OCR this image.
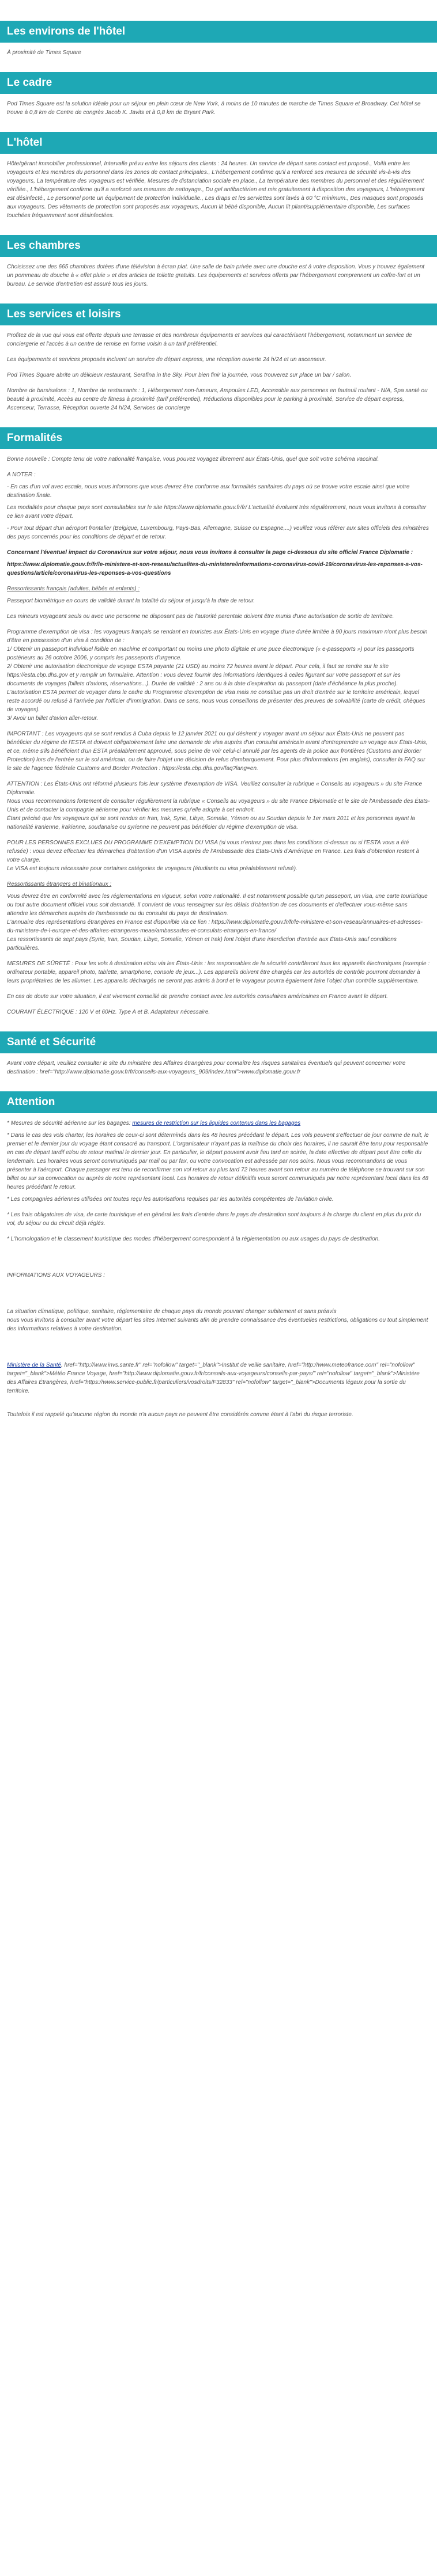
Les environs de l'hôtel

À proximité de Times Square

Le cadre

Pod Times Square est la solution idéale pour un séjour en plein cœur de New York, à moins de 10 minutes de marche de Times Square et Broadway. Cet hôtel se trouve à 0,8 km de Centre de congrès Jacob K. Javits et à 0,8 km de Bryant Park.

L'hôtel

Hôte/gérant immobilier professionnel, Intervalle prévu entre les séjours des clients : 24 heures. Un service de départ sans contact est proposé., Voilà entre les voyageurs et les membres du personnel dans les zones de contact principales., L'hébergement confirme qu'il a renforcé ses mesures de sécurité vis-à-vis des voyageurs, La température des voyageurs est vérifiée, Mesures de distanciation sociale en place., La température des membres du personnel et des réguliérement vérifiée., L'hébergement confirme qu'il a renforcé ses mesures de nettoyage., Du gel antibactérien est mis gratuitement à disposition des voyageurs, L'hébergement est désinfecté., Le personnel porte un équipement de protection individuelle., Les draps et les serviettes sont lavés à 60 °C minimum., Des masques sont proposés aux voyageurs. Des vêtements de protection sont proposés aux voyageurs, Aucun lit bébé disponible, Aucun lit pliant/supplémentaire disponible, Les surfaces touchées fréquemment sont désinfectées.

Les chambres

Choisissez une des 665 chambres dotées d'une télévision à écran plat. Une salle de bain privée avec une douche est à votre disposition. Vous y trouvez également un pommeau de douche à « effet pluie » et des articles de toilette gratuits. Les équipements et services offerts par l'hébergement comprennent un coffre-fort et un bureau. Le service d'entretien est assuré tous les jours.

Les services et loisirs

Profitez de la vue qui vous est offerte depuis une terrasse et des nombreux équipements et services qui caractérisent l'hébergement, notamment un service de conciergerie et l'accès à un centre de remise en forme voisin à un tarif préférentiel.

Les équipements et services proposés incluent un service de départ express, une réception ouverte 24 h/24 et un ascenseur.

Pod Times Square abrite un délicieux restaurant, Serafina in the Sky. Pour bien finir la journée, vous trouverez sur place un bar / salon.

Nombre de bars/salons : 1, Nombre de restaurants : 1, Hébergement non-fumeurs, Ampoules LED, Accessible aux personnes en fauteuil roulant - N/A, Spa santé ou beauté à proximité, Accès au centre de fitness à proximité (tarif préférentiel), Réductions disponibles pour le parking à proximité, Service de départ express, Ascenseur, Terrasse, Réception ouverte 24 h/24, Services de concierge

Formalités

Bonne nouvelle : Compte tenu de votre nationalité française, vous pouvez voyagez librement aux États-Unis, quel que soit votre schéma vaccinal.

A NOTER :

- En cas d'un vol avec escale, nous vous informons que vous devrez être conforme aux formalités sanitaires du pays où se trouve votre escale ainsi que votre destination finale.

Les modalités pour chaque pays sont consultables sur le site https://www.diplomatie.gouv.fr/fr/ L'actualité évoluant très régulièrement, nous vous invitons à consulter ce lien avant votre départ.

- Pour tout départ d'un aéroport frontalier (Belgique, Luxembourg, Pays-Bas, Allemagne, Suisse ou Espagne,...) veuillez vous référer aux sites officiels des ministères des pays concernés pour les conditions de départ et de retour.

Concernant l'éventuel impact du Coronavirus sur votre séjour, nous vous invitons à consulter la page ci-dessous du site officiel France Diplomatie :

https://www.diplomatie.gouv.fr/fr/le-ministere-et-son-reseau/actualites-du-ministere/informations-coronavirus-covid-19/coronavirus-les-reponses-a-vos-questions/article/coronavirus-les-reponses-a-vos-questions

Ressortissants français (adultes, bébés et enfants) :

Passeport biométrique en cours de validité durant la totalité du séjour et jusqu'à la date de retour.

Les mineurs voyageant seuls ou avec une personne ne disposant pas de l'autorité parentale doivent être munis d'une autorisation de sortie de territoire.

Programme d'exemption de visa : les voyageurs français se rendant en touristes aux États-Unis en voyage d'une durée limitée à 90 jours maximum n'ont plus besoin d'être en possession d'un visa à condition de :
1/ Obtenir un passeport individuel lisible en machine et comportant ou moins une photo digitale et une puce électronique (« e-passeports ») pour les passeports postérieurs au 26 octobre 2006, y compris les passeports d'urgence.
2/ Obtenir une autorisation électronique de voyage ESTA payante (21 USD) au moins 72 heures avant le départ. Pour cela, il faut se rendre sur le site https://esta.cbp.dhs.gov et y remplir un formulaire. Attention : vous devez fournir des informations identiques à celles figurant sur votre passeport et sur les documents de voyages (billets d'avions, réservations...). Durée de validité : 2 ans ou à la date d'expiration du passeport (date d'échéance la plus proche). L'autorisation ESTA permet de voyager dans le cadre du Programme d'exemption de visa mais ne constitue pas un droit d'entrée sur le territoire américain, lequel reste accordé ou refusé à l'arrivée par l'officier d'immigration. Dans ce sens, nous vous conseillons de présenter des preuves de solvabilité (carte de crédit, chèques de voyages).
3/ Avoir un billet d'avion aller-retour.

IMPORTANT : Les voyageurs qui se sont rendus à Cuba depuis le 12 janvier 2021 ou qui désirent y voyager avant un séjour aux États-Unis ne peuvent pas bénéficier du régime de l'ESTA et doivent obligatoirement faire une demande de visa auprès d'un consulat américain avant d'entreprendre un voyage aux États-Unis, et ce, même s'ils bénéficient d'un ESTA préalablement approuvé, sous peine de voir celui-ci annulé par les agents de la police aux frontières (Customs and Border Protection) lors de l'entrée sur le sol américain, ou de faire l'objet une décision de refus d'embarquement. Pour plus d'informations (en anglais), consulter la FAQ sur le site de l'agence fédérale Customs and Border Protection : https://esta.cbp.dhs.gov/faq?lang=en.

ATTENTION : Les États-Unis ont réformé plusieurs fois leur système d'exemption de VISA. Veuillez consulter la rubrique « Conseils au voyageurs » du site France Diplomatie.
Nous vous recommandons fortement de consulter régulièrement la rubrique « Conseils au voyageurs » du site France Diplomatie et le site de l'Ambassade des États-Unis et de contacter la compagnie aérienne pour vérifier les mesures qu'elle adopte à cet endroit.
Étant précisé que les voyageurs qui se sont rendus en Iran, Irak, Syrie, Libye, Somalie, Yémen ou au Soudan depuis le 1er mars 2011 et les personnes ayant la nationalité iranienne, irakienne, soudanaise ou syrienne ne peuvent pas bénéficier du régime d'exemption de visa.

POUR LES PERSONNES EXCLUES DU PROGRAMME D'EXEMPTION DU VISA (si vous n'entrez pas dans les conditions ci-dessus ou si l'ESTA vous a été refusée) : vous devez effectuer les démarches d'obtention d'un VISA auprès de l'Ambassade des États-Unis d'Amérique en France. Les frais d'obtention restent à votre charge.
Le VISA est toujours nécessaire pour certaines catégories de voyageurs (étudiants ou visa préalablement refusé).

Ressortissants étrangers et binationaux :

Vous devrez être en conformité avec les réglementations en vigueur, selon votre nationalité. Il est notamment possible qu'un passeport, un visa, une carte touristique ou tout autre document officiel vous soit demandé. Il convient de vous renseigner sur les délais d'obtention de ces documents et d'effectuer vous-même sans attendre les démarches auprès de l'ambassade ou du consulat du pays de destination.
L'annuaire des représentations étrangères en France est disponible via ce lien : https://www.diplomatie.gouv.fr/fr/le-ministere-et-son-reseau/annuaires-et-adresses-du-ministere-de-l-europe-et-des-affaires-etrangeres-meae/ambassades-et-consulats-etrangers-en-france/
Les ressortissants de sept pays (Syrie, Iran, Soudan, Libye, Somalie, Yémen et Irak) font l'objet d'une interdiction d'entrée aux États-Unis sauf conditions particulières.

MESURES DE SÛRETÉ : Pour les vols à destination et/ou via les États-Unis : les responsables de la sécurité contrôleront tous les appareils électroniques (exemple : ordinateur portable, appareil photo, tablette, smartphone, console de jeux...). Les appareils doivent être chargés car les autorités de contrôle pourront demander à leurs propriétaires de les allumer. Les appareils déchargés ne seront pas admis à bord et le voyageur pourra également faire l'objet d'un contrôle supplémentaire.

En cas de doute sur votre situation, il est vivement conseillé de prendre contact avec les autorités consulaires américaines en France avant le départ.

COURANT ÉLECTRIQUE : 120 V et 60Hz. Type A et B. Adaptateur nécessaire.

Santé et Sécurité

Avant votre départ, veuillez consulter le site du ministère des Affaires étrangères pour connaître les risques sanitaires éventuels qui peuvent concerner votre destination : href="http://www.diplomatie.gouv.fr/fr/conseils-aux-voyageurs_909/index.html">www.diplomatie.gouv.fr

Attention

* Mesures de sécurité aérienne sur les bagages: mesures de restriction sur les liquides contenus dans les bagages

* Dans le cas des vols charter, les horaires de ceux-ci sont déterminés dans les 48 heures précédant le départ. Les vols peuvent s'effectuer de jour comme de nuit, le premier et le dernier jour du voyage étant consacré au transport. L'organisateur n'ayant pas la maîtrise du choix des horaires, il ne saurait être tenu pour responsable en cas de départ tardif et/ou de retour matinal le dernier jour. En particulier, le départ pouvant avoir lieu tard en soirée, la date effective de départ peut être celle du lendemain. Les horaires vous seront communiqués par mail ou par fax, ou votre convocation est adressée par nos soins. Nous vous recommandons de vous présenter à l'aéroport. Chaque passager est tenu de reconfirmer son vol retour au plus tard 72 heures avant son retour au numéro de téléphone se trouvant sur son billet ou sur sa convocation ou auprès de notre représentant local. Les horaires de retour définitifs vous seront communiqués par notre représentant local dans les 48 heures précédant le retour.

* Les compagnies aériennes utilisées ont toutes reçu les autorisations requises par les autorités compétentes de l'aviation civile.

* Les frais obligatoires de visa, de carte touristique et en général les frais d'entrée dans le pays de destination sont toujours à la charge du client en plus du prix du vol, du séjour ou du circuit déjà réglés.

* L'homologation et le classement touristique des modes d'hébergement correspondent à la réglementation ou aux usages du pays de destination.

INFORMATIONS AUX VOYAGEURS :

La situation climatique, politique, sanitaire, réglementaire de chaque pays du monde pouvant changer subitement et sans préavis
nous vous invitons à consulter avant votre départ les sites Internet suivants afin de prendre connaissance des éventuelles restrictions, obligations ou tout simplement des informations relatives à votre destination.

Ministère de la Santé, href="http://www.invs.sante.fr" rel="nofollow" target="_blank">Institut de veille sanitaire, href="http://www.meteofrance.com" rel="nofollow" target="_blank">Météo France Voyage, href="http://www.diplomatie.gouv.fr/fr/conseils-aux-voyageurs/conseils-par-pays/" rel="nofollow" target="_blank">Ministère des Affaires Étrangères, href="https://www.service-public.fr/particuliers/vosdroits/F32833" rel="nofollow" target="_blank">Documents légaux pour la sortie du territoire.

Toutefois il est rappelé qu'aucune région du monde n'a aucun pays ne peuvent être considérés comme étant à l'abri du risque terroriste.
